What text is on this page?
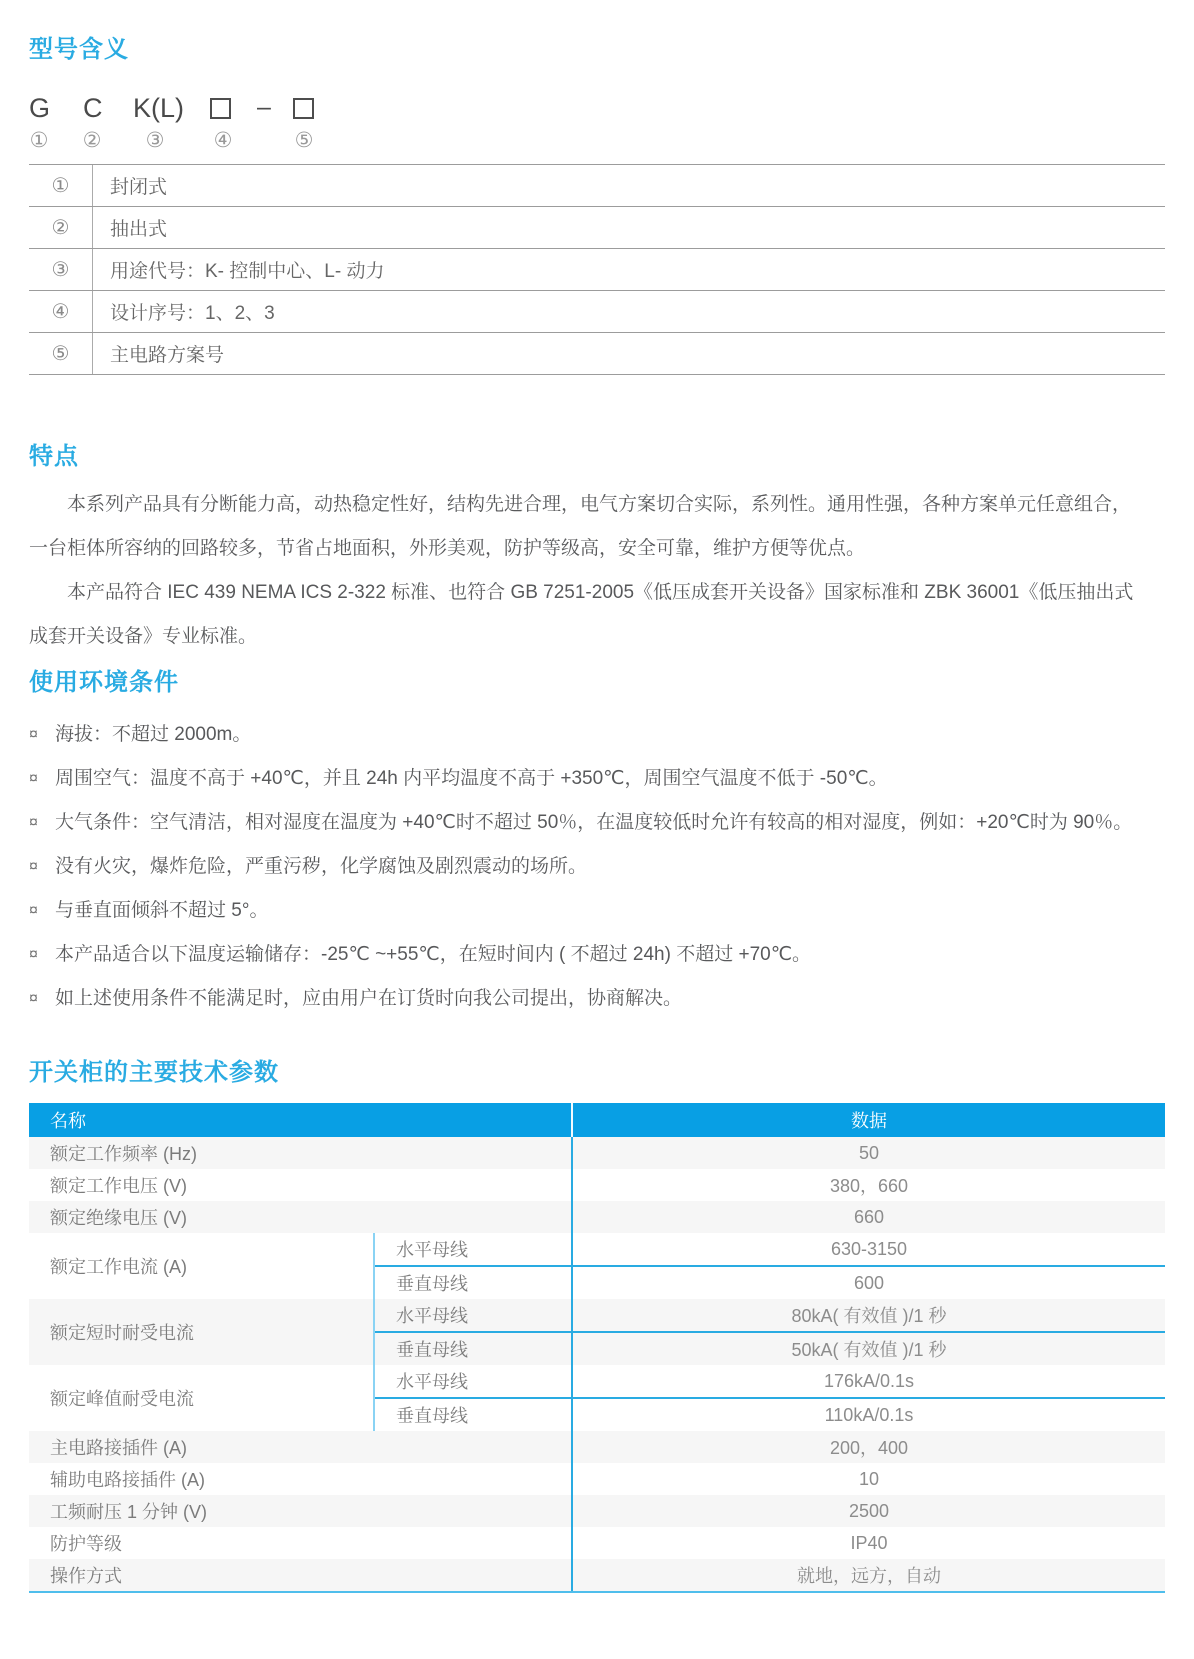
型号含义
G C K(L)	–
① ② ③ ④	⑤
①	封闭式
②	抽出式
③	用途代号：K- 控制中心、L- 动力
④	设计序号：1、2、3
⑤	主电路方案号
特点

本系列产品具有分断能力高，动热稳定性好，结构先进合理，电气方案切合实际，系列性。通用性强，各种方案单元任意组合，一台柜体所容纳的回路较多，节省占地面积，外形美观，防护等级高，安全可靠，维护方便等优点。

本产品符合 IEC 439 NEMA ICS 2-322 标准、也符合 GB 7251-2005《低压成套开关设备》国家标准和 ZBK 36001《低压抽出式成套开关设备》专业标准。

使用环境条件
¤ 海拔：不超过 2000m。
¤ 周围空气：温度不高于 +40℃，并且 24h 内平均温度不高于 +350℃，周围空气温度不低于 -50℃。
¤ 大气条件：空气清洁，相对湿度在温度为 +40℃时不超过 50％，在温度较低时允许有较高的相对湿度，例如：+20℃时为 90％。
¤ 没有火灾，爆炸危险，严重污秽，化学腐蚀及剧烈震动的场所。
¤ 与垂直面倾斜不超过 5°。
¤ 本产品适合以下温度运输储存：-25℃ ~+55℃，在短时间内 ( 不超过 24h) 不超过 +70℃。
¤ 如上述使用条件不能满足时，应由用户在订货时向我公司提出，协商解决。
开关柜的主要技术参数
名称	数据
额定工作频率 (Hz)	50
额定工作电压 (V)	380，660
额定绝缘电压 (V)	660
额定工作电流 (A)
水平母线	630-3150
垂直母线	600
额定短时耐受电流
水平母线	80kA( 有效值 )/1 秒
垂直母线	50kA( 有效值 )/1 秒
额定峰值耐受电流
水平母线	176kA/0.1s
垂直母线	110kA/0.1s
主电路接插件 (A)	200，400
辅助电路接插件 (A)	10
工频耐压 1 分钟 (V)	2500
防护等级	IP40
操作方式	就地，远方，自动
